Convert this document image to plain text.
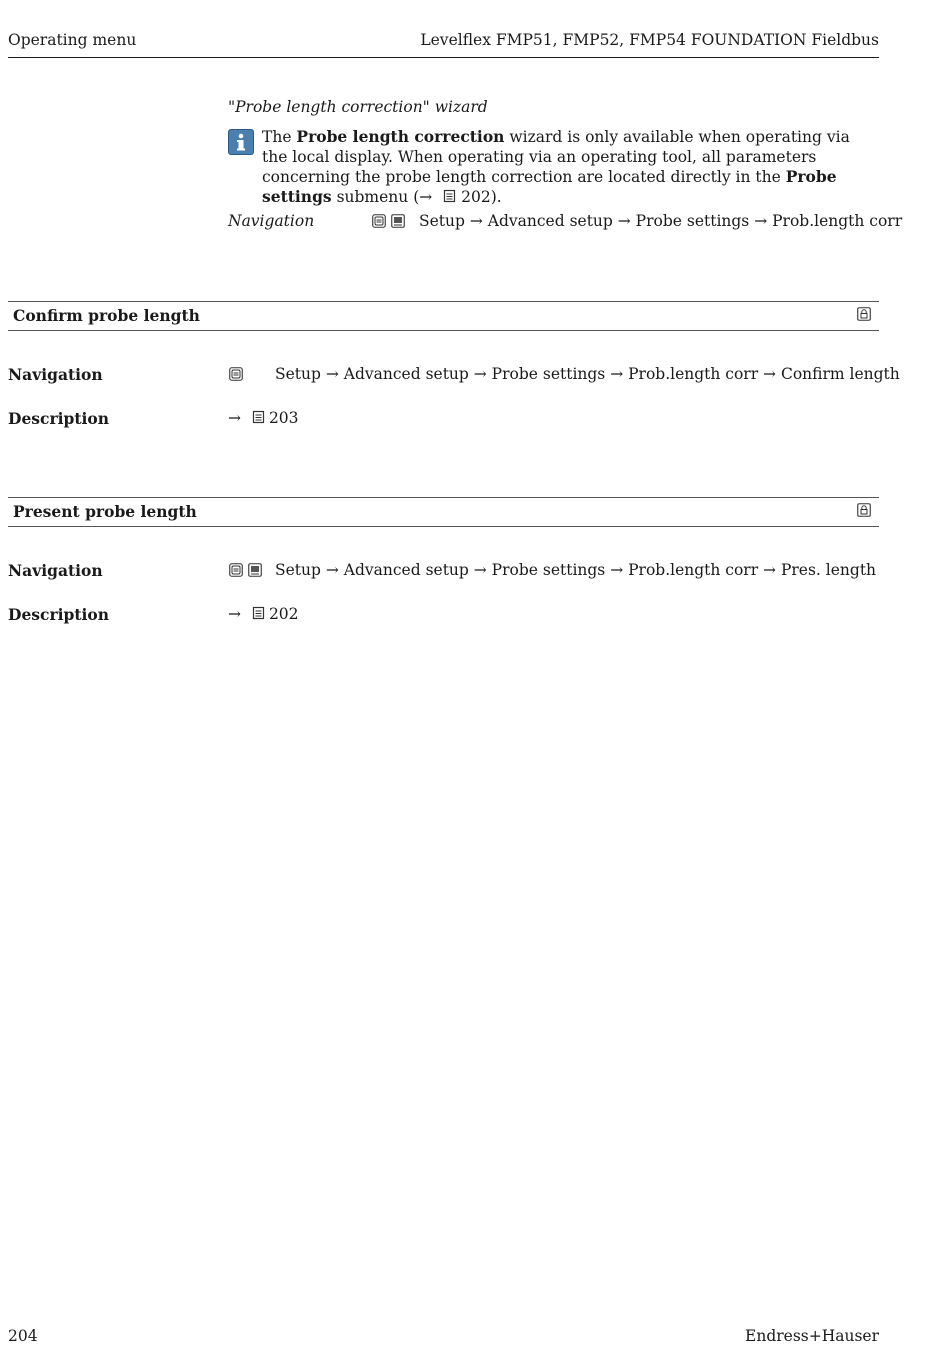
Operating menu	Levelflex FMP51, FMP52, FMP54 FOUNDATION Fieldbus
"Probe length correction" wizard
The Probe length correction wizard is only available when operating via the local display. When operating via an operating tool, all parameters concerning the probe length correction are located directly in the Probe settings submenu (→ 202).
Navigation
	Setup → Advanced setup → Probe settings → Prob.length corr
Confirm probe length
Navigation	Setup → Advanced setup → Probe settings → Prob.length corr → Confirm length
Description	→ 203
Present probe length
Navigation
	Setup → Advanced setup → Probe settings → Prob.length corr → Pres. length
Description	→ 202
204	Endress+Hauser
